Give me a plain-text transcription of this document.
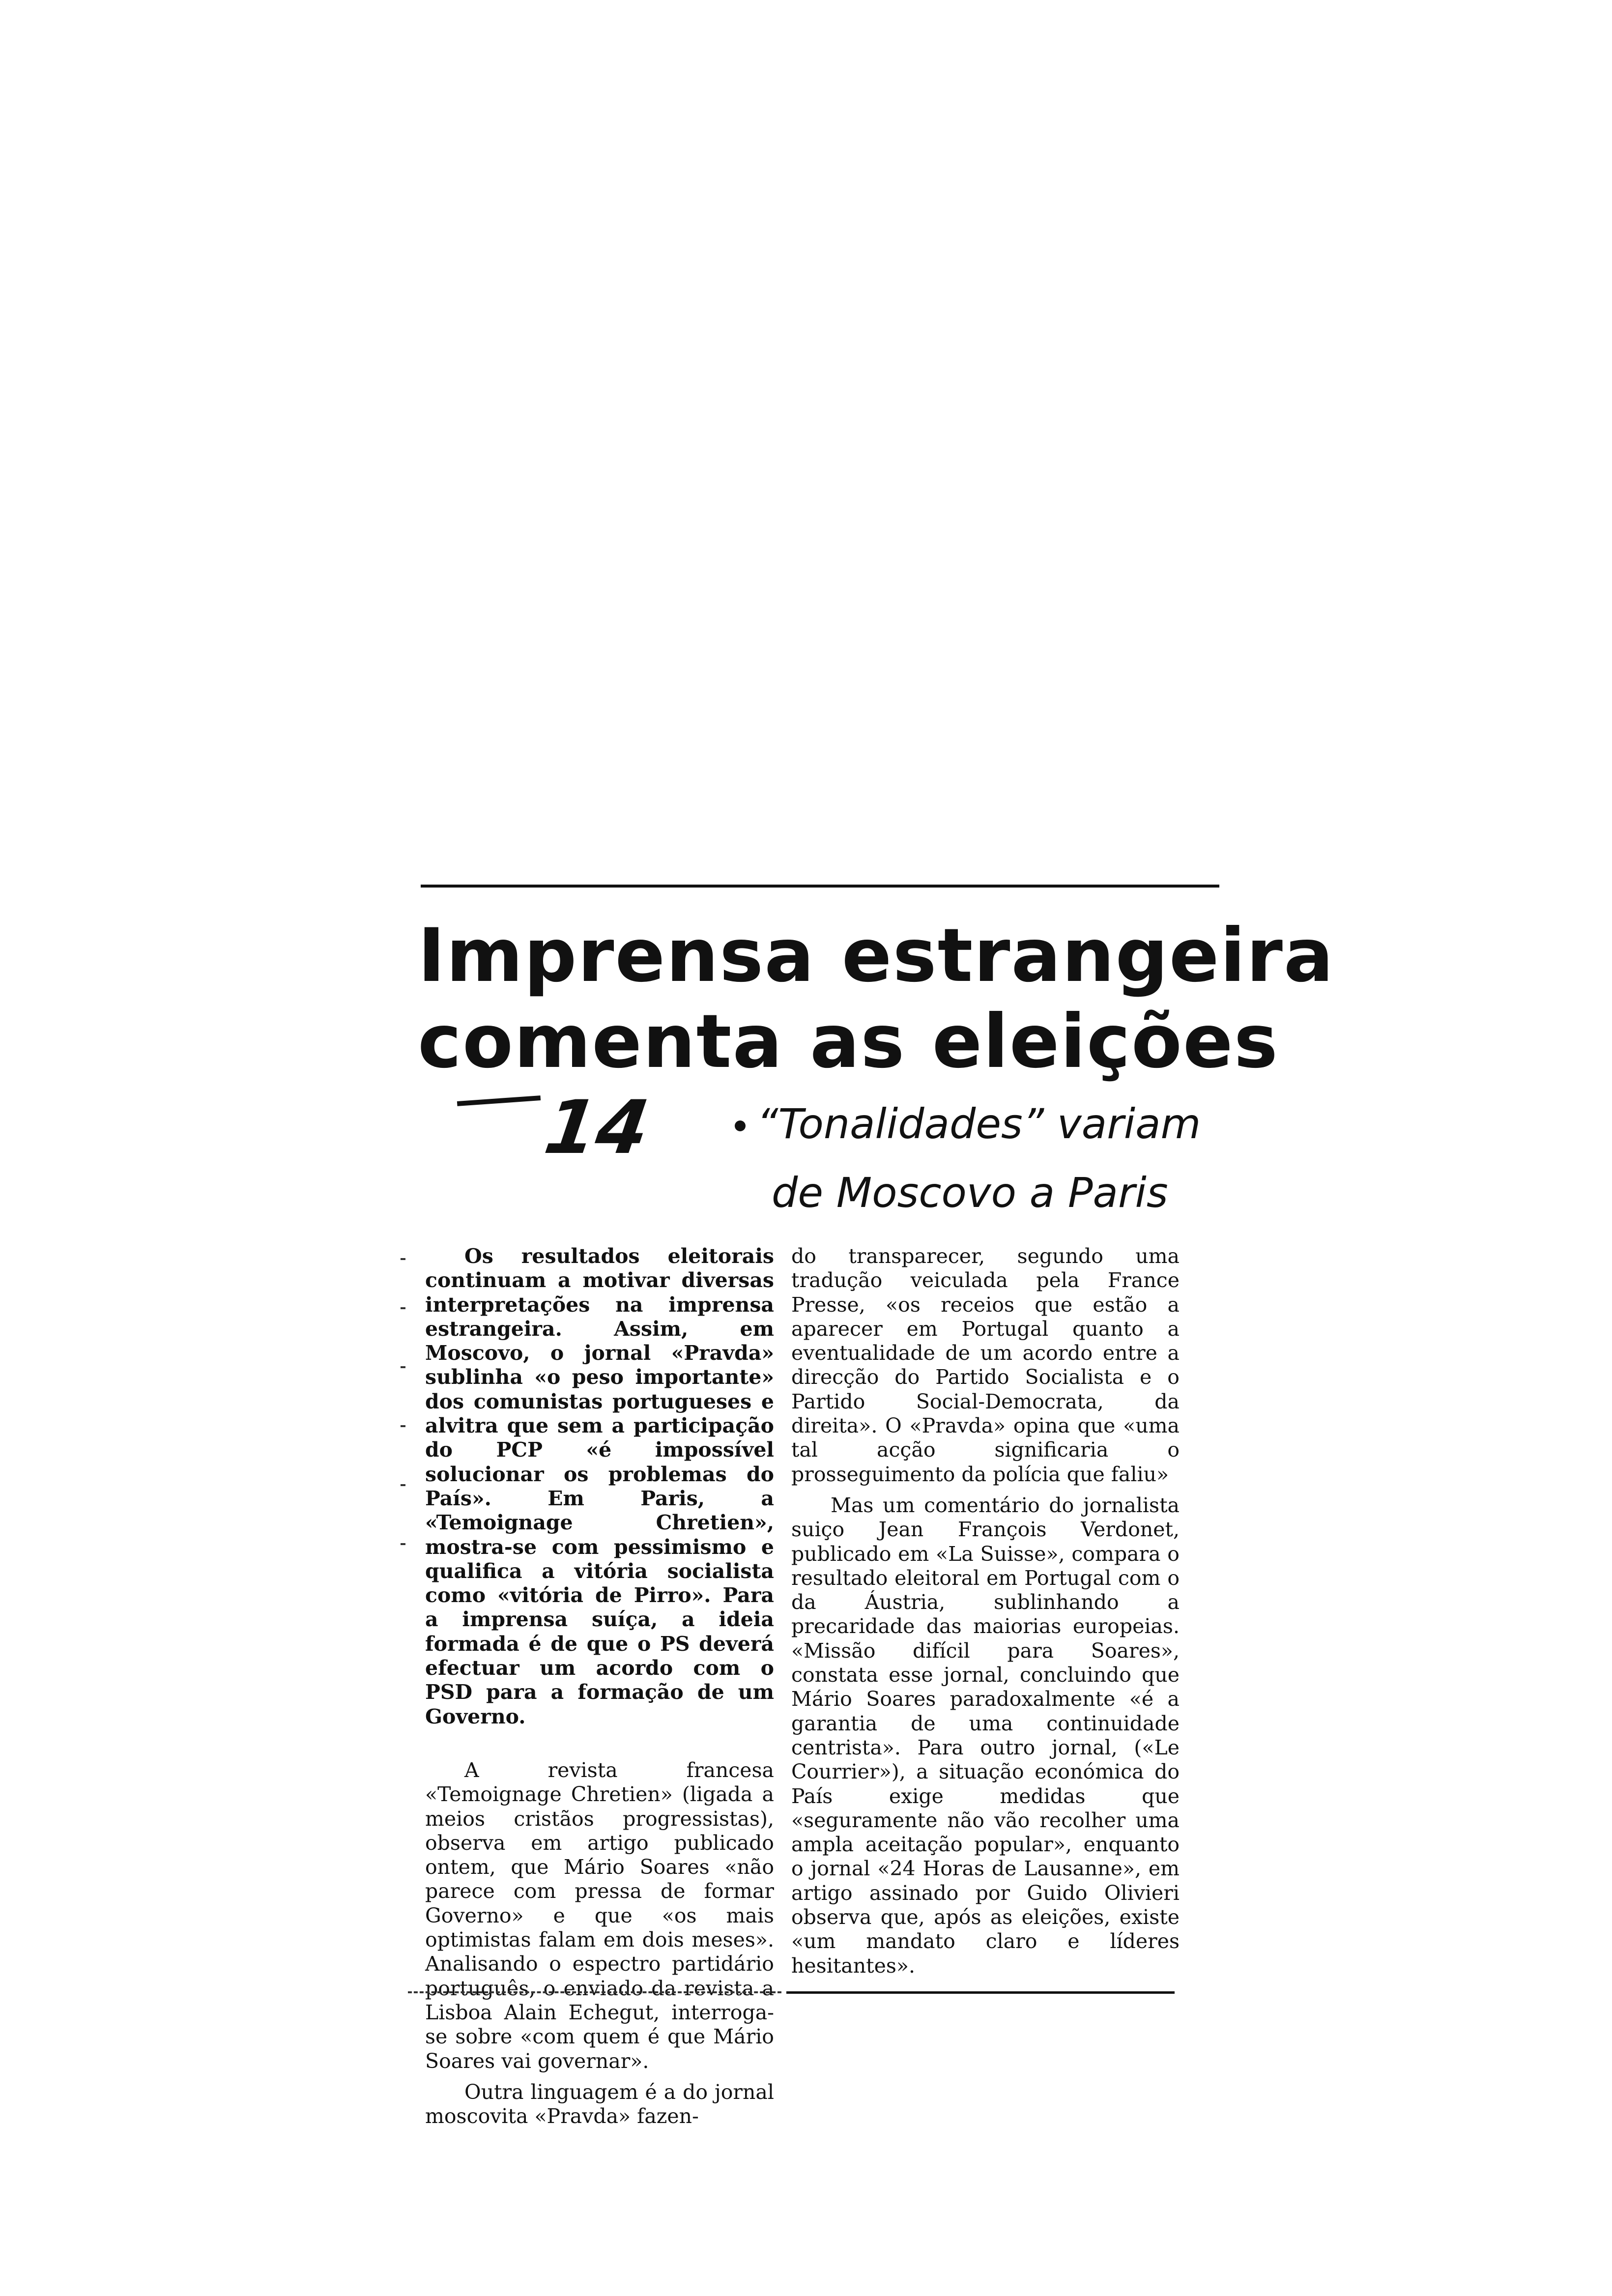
Imprensa estrangeira
comenta as eleições
14 “Tonalidades” variam
de Moscovo a Paris

Os resultados eleitorais continuam a motivar diversas interpretações na imprensa estrangeira. Assim, em Moscovo, o jornal «Pravda» sublinha «o peso importante» dos comunistas portugueses e alvitra que sem a participação do PCP «é impossível solucionar os problemas do País». Em Paris, a «Temoignage Chretien», mostra-se com pessimismo e qualifica a vitória socialista como «vitória de Pirro». Para a imprensa suíça, a ideia formada é de que o PS deverá efectuar um acordo com o PSD para a formação de um Governo.

A revista francesa «Temoignage Chretien» (ligada a meios cristãos progressistas), observa em artigo publicado ontem, que Mário Soares «não parece com pressa de formar Governo» e que «os mais optimistas falam em dois meses». Analisando o espectro partidário português, o enviado da revista a Lisboa Alain Echegut, interroga-se sobre «com quem é que Mário Soares vai governar».

Outra linguagem é a do jornal moscovita «Pravda» fazen-

do transparecer, segundo uma tradução veiculada pela France Presse, «os receios que estão a aparecer em Portugal quanto a eventualidade de um acordo entre a direcção do Partido Socialista e o Partido Social-Democrata, da direita». O «Pravda» opina que «uma tal acção significaria o prosseguimento da polícia que faliu»

Mas um comentário do jornalista suiço Jean François Verdonet, publicado em «La Suisse», compara o resultado eleitoral em Portugal com o da Áustria, sublinhando a precaridade das maiorias europeias. «Missão difícil para Soares», constata esse jornal, concluindo que Mário Soares paradoxalmente «é a garantia de uma continuidade centrista». Para outro jornal, («Le Courrier»), a situação económica do País exige medidas que «seguramente não vão recolher uma ampla aceitação popular», enquanto o jornal «24 Horas de Lausanne», em artigo assinado por Guido Olivieri observa que, após as eleições, existe «um mandato claro e líderes hesitantes».
